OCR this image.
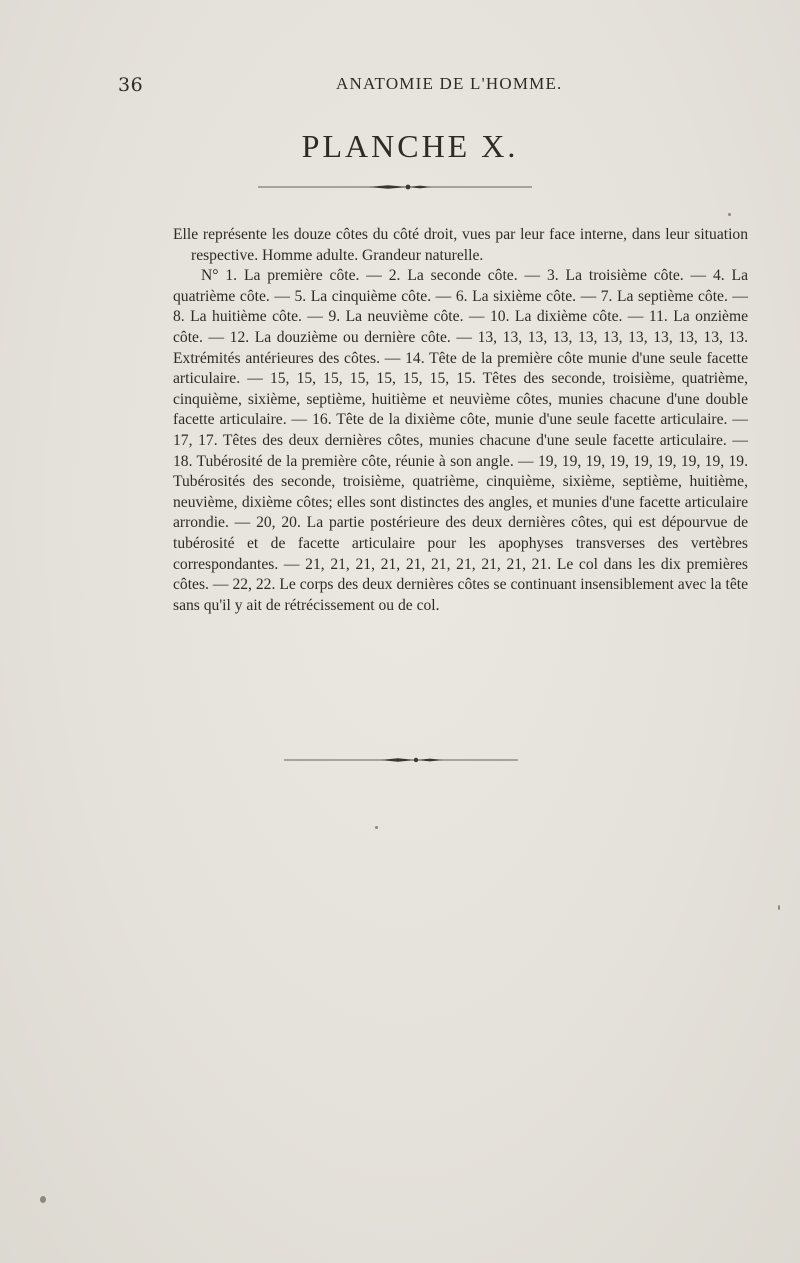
36	ANATOMIE DE L'HOMME.
PLANCHE X.

Elle représente les douze côtes du côté droit, vues par leur face interne, dans leur situation respective. Homme adulte. Grandeur naturelle.

N° 1. La première côte. — 2. La seconde côte. — 3. La troisième côte. — 4. La quatrième côte. — 5. La cinquième côte. — 6. La sixième côte. — 7. La septième côte. — 8. La huitième côte. — 9. La neuvième côte. — 10. La dixième côte. — 11. La onzième côte. — 12. La douzième ou dernière côte. — 13, 13, 13, 13, 13, 13, 13, 13, 13, 13, 13. Extrémités antérieures des côtes. — 14. Tête de la première côte munie d'une seule facette articulaire. — 15, 15, 15, 15, 15, 15, 15, 15. Têtes des seconde, troisième, quatrième, cinquième, sixième, septième, huitième et neuvième côtes, munies chacune d'une double facette articulaire. — 16. Tête de la dixième côte, munie d'une seule facette articulaire. — 17, 17. Têtes des deux dernières côtes, munies chacune d'une seule facette articulaire. — 18. Tubérosité de la première côte, réunie à son angle. — 19, 19, 19, 19, 19, 19, 19, 19, 19. Tubérosités des seconde, troisième, quatrième, cinquième, sixième, septième, huitième, neuvième, dixième côtes; elles sont distinctes des angles, et munies d'une facette articulaire arrondie. — 20, 20. La partie postérieure des deux dernières côtes, qui est dépourvue de tubérosité et de facette articulaire pour les apophyses transverses des vertèbres correspondantes. — 21, 21, 21, 21, 21, 21, 21, 21, 21, 21. Le col dans les dix premières côtes. — 22, 22. Le corps des deux dernières côtes se continuant insensiblement avec la tête sans qu'il y ait de rétrécissement ou de col.
